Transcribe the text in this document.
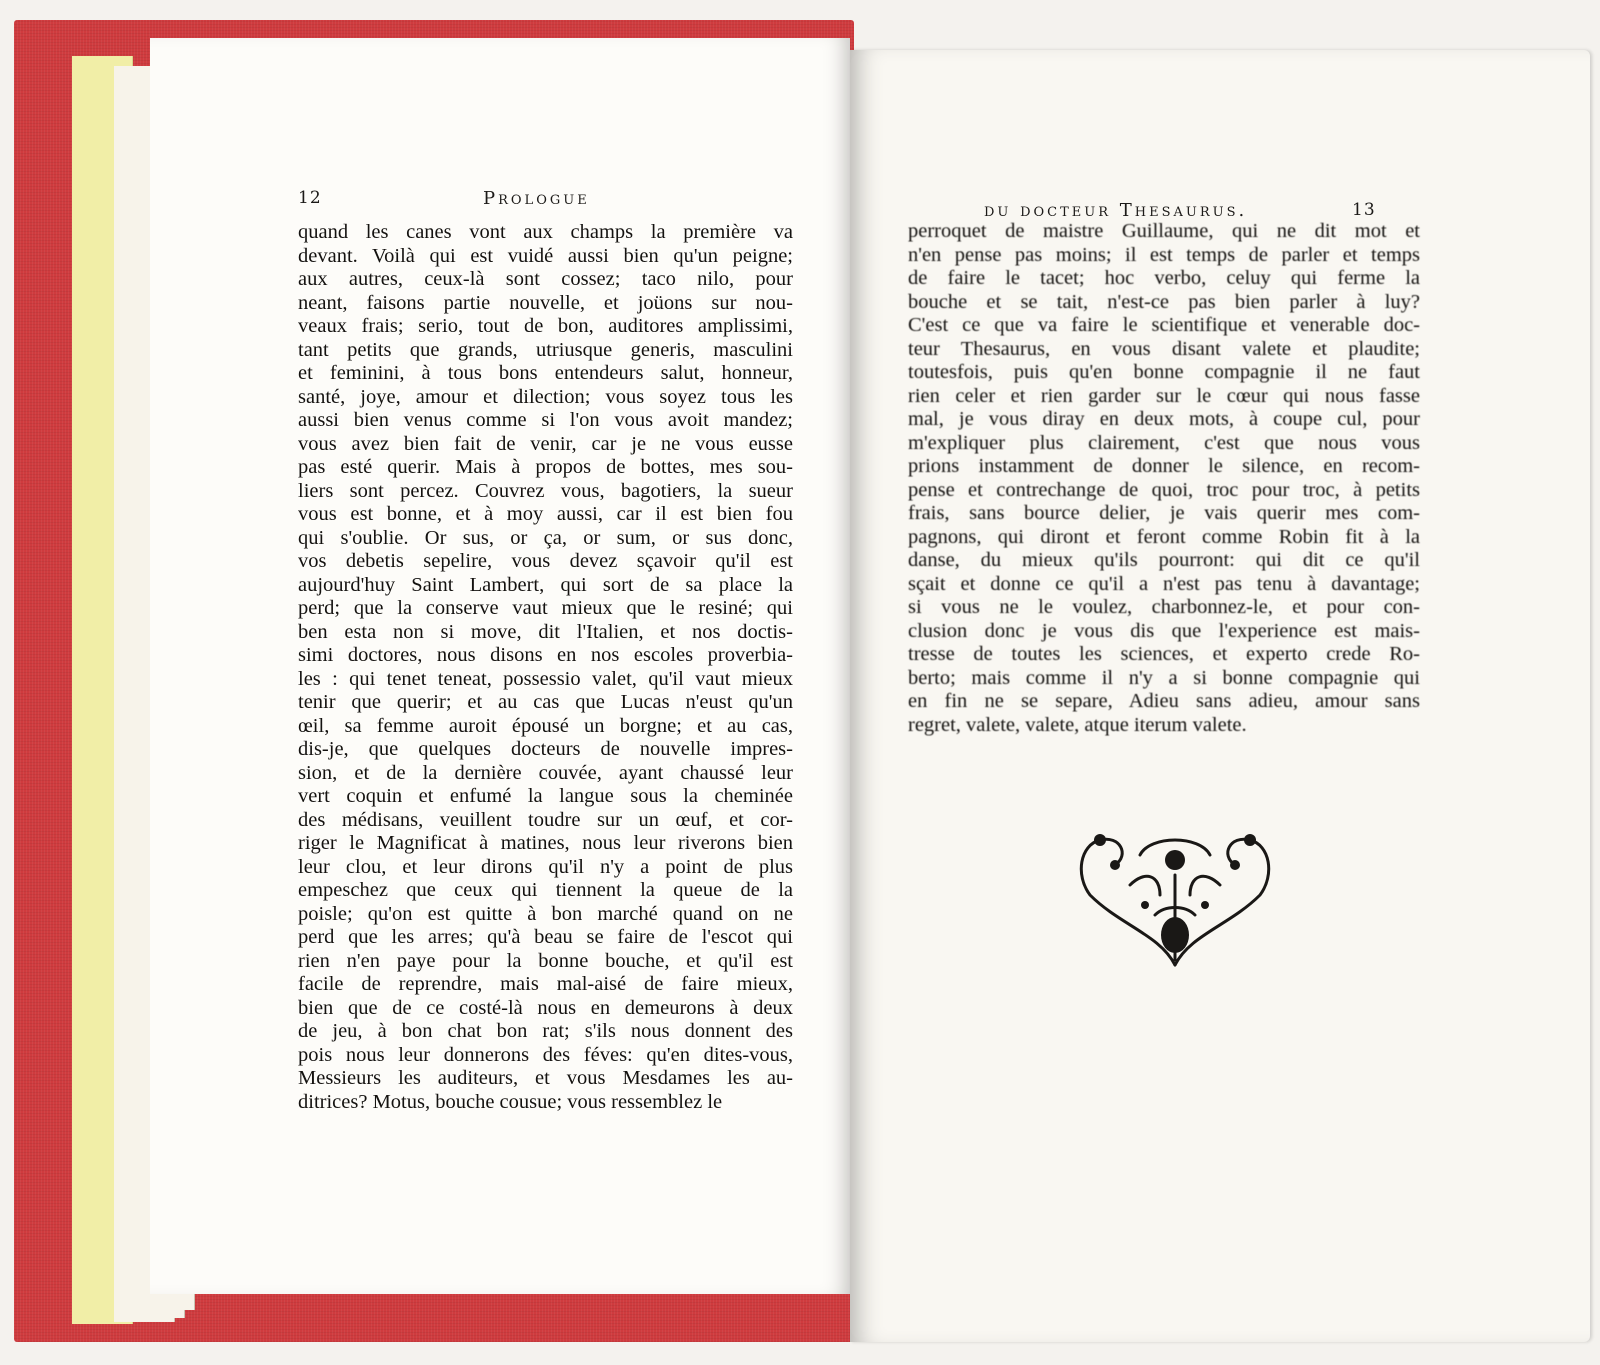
12	Prologue
quand les canes vont aux champs la première va
devant. Voilà qui est vuidé aussi bien qu'un peigne;
aux autres, ceux-là sont cossez; taco nilo, pour
neant, faisons partie nouvelle, et joüons sur nou-
veaux frais; serio, tout de bon, auditores amplissimi,
tant petits que grands, utriusque generis, masculini
et feminini, à tous bons entendeurs salut, honneur,
santé, joye, amour et dilection; vous soyez tous les
aussi bien venus comme si l'on vous avoit mandez;
vous avez bien fait de venir, car je ne vous eusse
pas esté querir. Mais à propos de bottes, mes sou-
liers sont percez. Couvrez vous, bagotiers, la sueur
vous est bonne, et à moy aussi, car il est bien fou
qui s'oublie. Or sus, or ça, or sum, or sus donc,
vos debetis sepelire, vous devez sçavoir qu'il est
aujourd'huy Saint Lambert, qui sort de sa place la
perd; que la conserve vaut mieux que le resiné; qui
ben esta non si move, dit l'Italien, et nos doctis-
simi doctores, nous disons en nos escoles proverbia-
les : qui tenet teneat, possessio valet, qu'il vaut mieux
tenir que querir; et au cas que Lucas n'eust qu'un
œil, sa femme auroit épousé un borgne; et au cas,
dis-je, que quelques docteurs de nouvelle impres-
sion, et de la dernière couvée, ayant chaussé leur
vert coquin et enfumé la langue sous la cheminée
des médisans, veuillent toudre sur un œuf, et cor-
riger le Magnificat à matines, nous leur riverons bien
leur clou, et leur dirons qu'il n'y a point de plus
empeschez que ceux qui tiennent la queue de la
poisle; qu'on est quitte à bon marché quand on ne
perd que les arres; qu'à beau se faire de l'escot qui
rien n'en paye pour la bonne bouche, et qu'il est
facile de reprendre, mais mal-aisé de faire mieux,
bien que de ce costé-là nous en demeurons à deux
de jeu, à bon chat bon rat; s'ils nous donnent des
pois nous leur donnerons des féves: qu'en dites-vous,
Messieurs les auditeurs, et vous Mesdames les au-
ditrices? Motus, bouche cousue; vous ressemblez le
du docteur Thesaurus.	13
perroquet de maistre Guillaume, qui ne dit mot et
n'en pense pas moins; il est temps de parler et temps
de faire le tacet; hoc verbo, celuy qui ferme la
bouche et se tait, n'est-ce pas bien parler à luy?
C'est ce que va faire le scientifique et venerable doc-
teur Thesaurus, en vous disant valete et plaudite;
toutesfois, puis qu'en bonne compagnie il ne faut
rien celer et rien garder sur le cœur qui nous fasse
mal, je vous diray en deux mots, à coupe cul, pour
m'expliquer plus clairement, c'est que nous vous
prions instamment de donner le silence, en recom-
pense et contrechange de quoi, troc pour troc, à petits
frais, sans bource delier, je vais querir mes com-
pagnons, qui diront et feront comme Robin fit à la
danse, du mieux qu'ils pourront: qui dit ce qu'il
sçait et donne ce qu'il a n'est pas tenu à davantage;
si vous ne le voulez, charbonnez-le, et pour con-
clusion donc je vous dis que l'experience est mais-
tresse de toutes les sciences, et experto crede Ro-
berto; mais comme il n'y a si bonne compagnie qui
en fin ne se separe, Adieu sans adieu, amour sans
regret, valete, valete, atque iterum valete.
